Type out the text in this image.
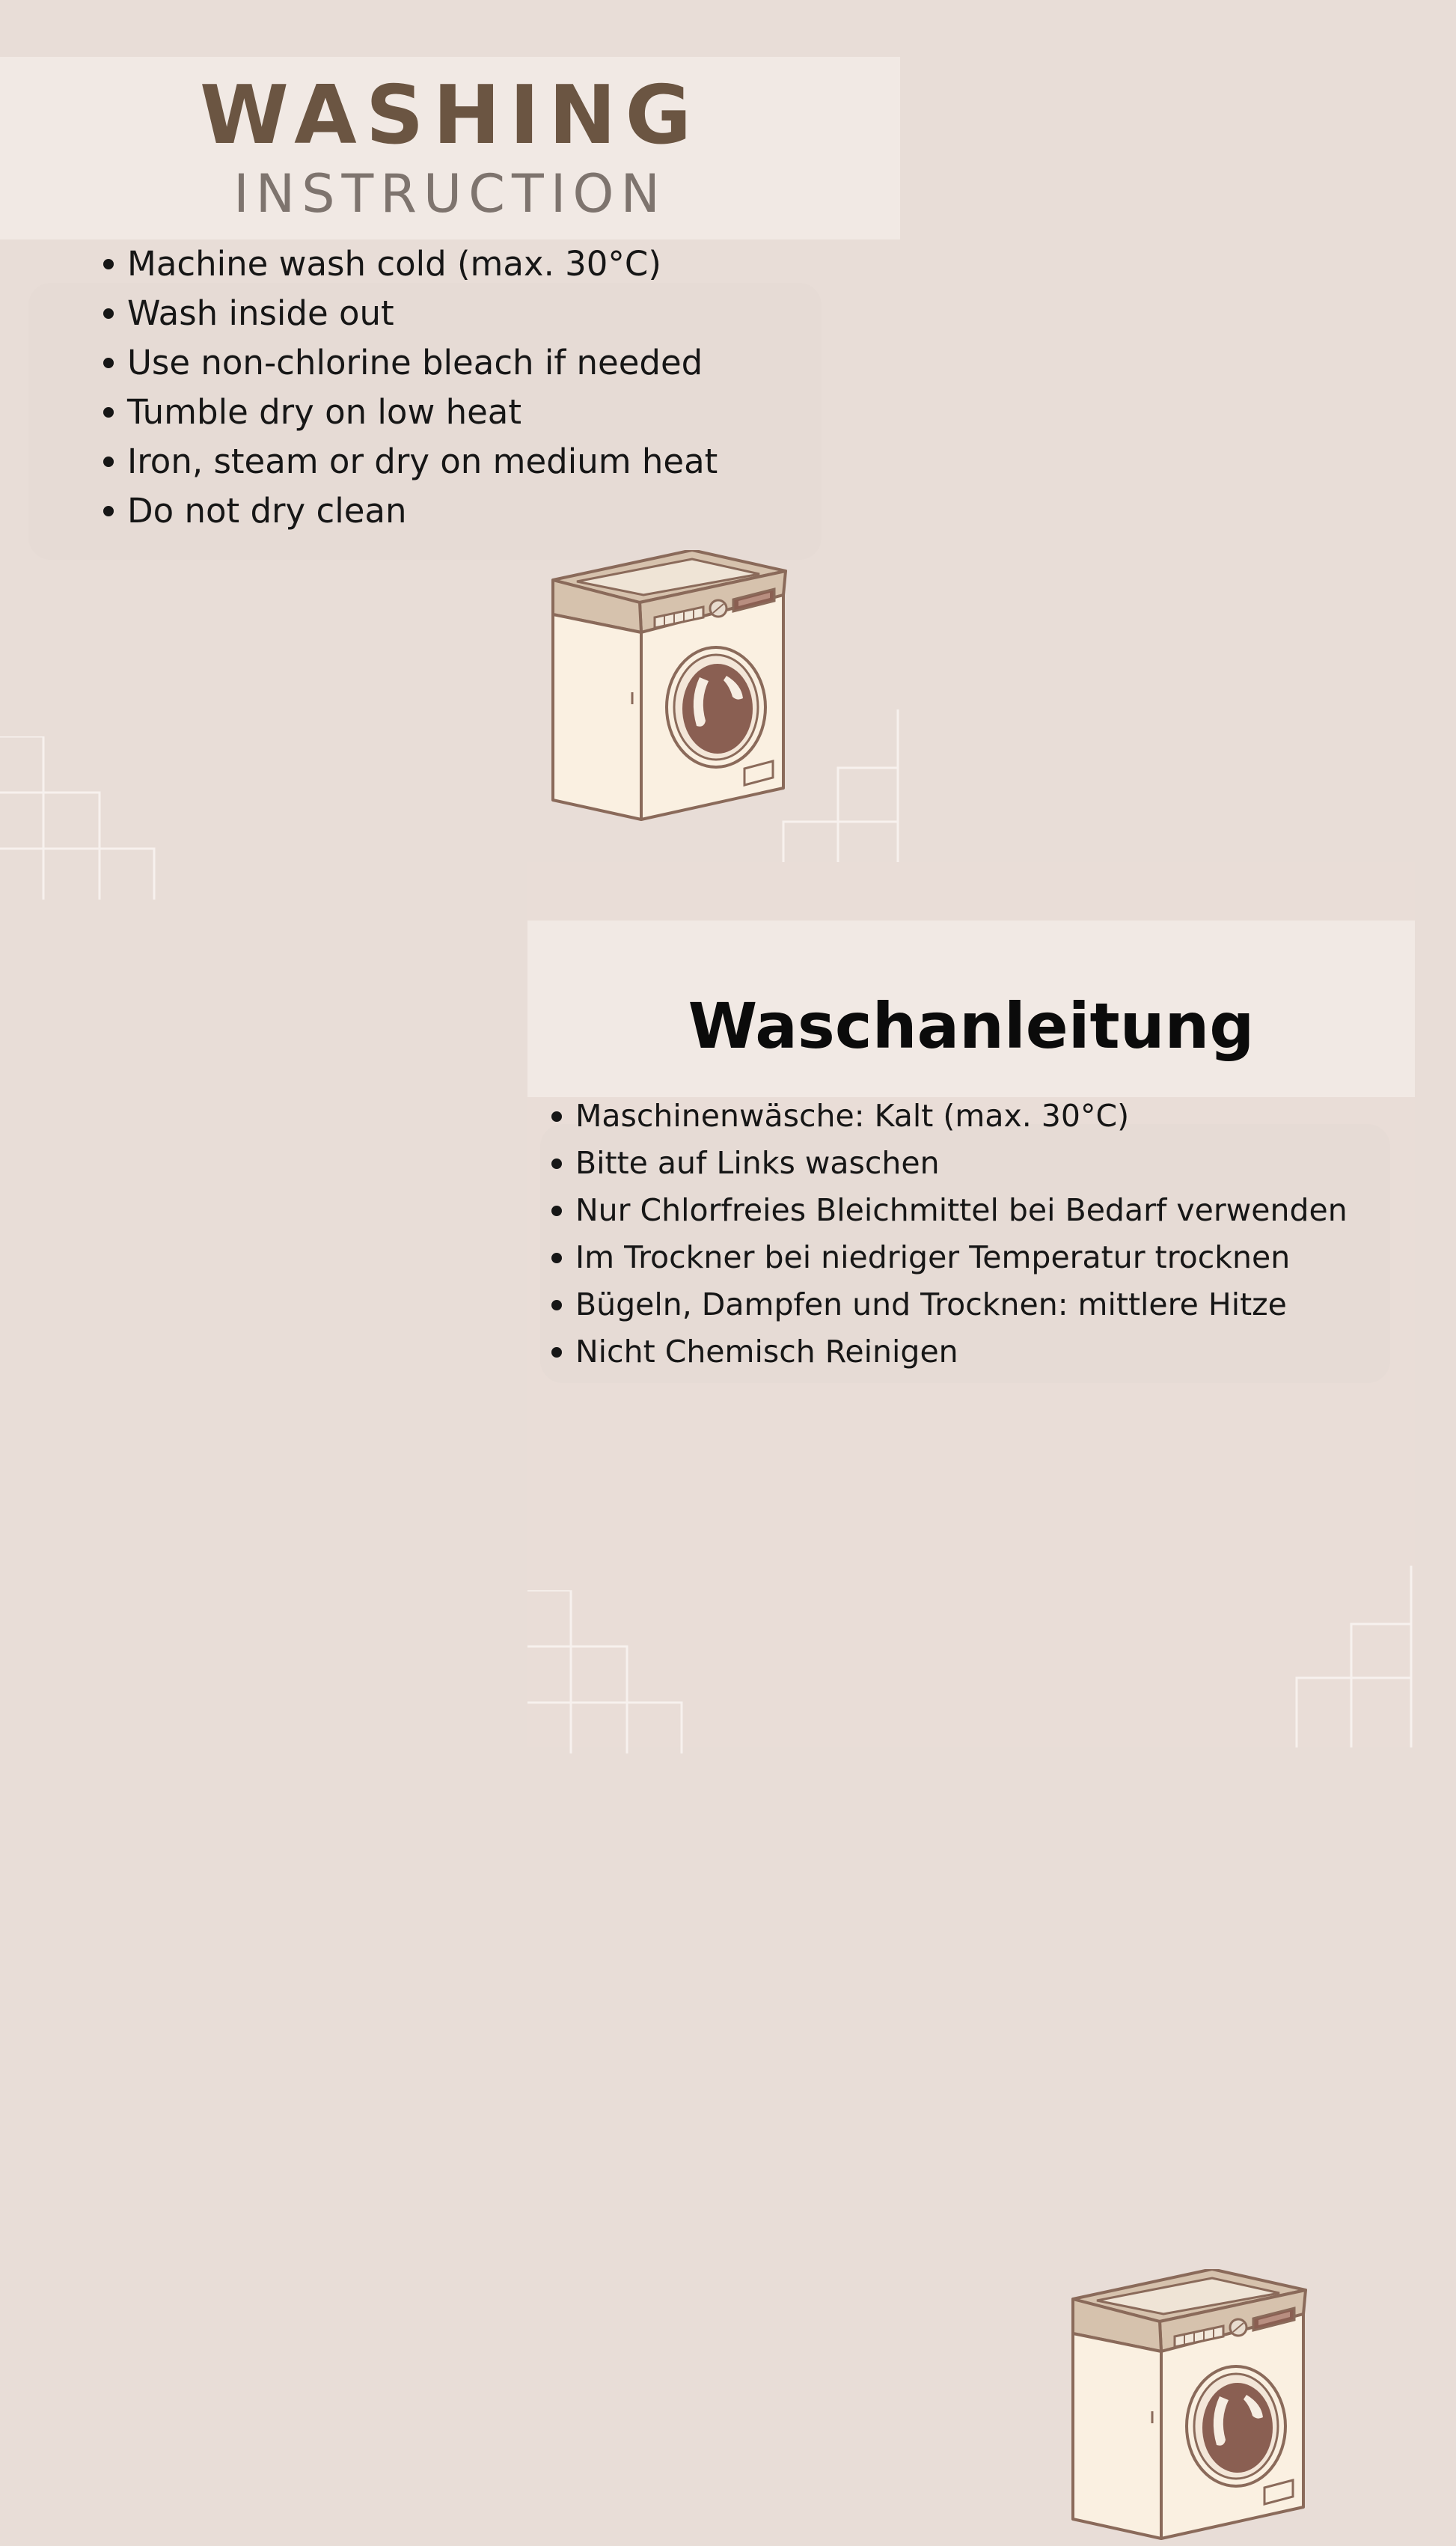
WASHING
INSTRUCTION
Machine wash cold (max. 30°C)
Wash inside out
Use non-chlorine bleach if needed
Tumble dry on low heat
Iron, steam or dry on medium heat
Do not dry clean
Waschanleitung
Maschinenwäsche: Kalt (max. 30°C)
Bitte auf Links waschen
Nur Chlorfreies Bleichmittel bei Bedarf verwenden
Im Trockner bei niedriger Temperatur trocknen
Bügeln, Dampfen und Trocknen: mittlere Hitze
Nicht Chemisch Reinigen
